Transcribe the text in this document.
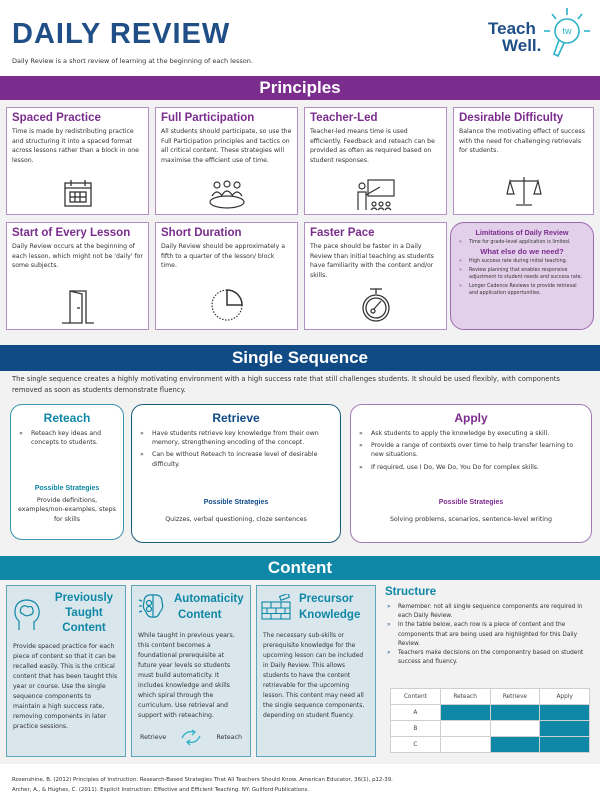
DAILY REVIEW
Daily Review is a short review of learning at the beginning of each lesson.
Teach
Well.
tw
Principles
Spaced Practice

Time is made by redistributing practice and structuring it into a spaced format across lessons rather than a block in one lesson.

Full Participation

All students should participate, so use the Full Participation principles and tactics on all critical content. These strategies will maximise the efficient use of time.

Teacher-Led

Teacher-led means time is used efficiently. Feedback and reteach can be provided as often as required based on student responses.

Desirable Difficulty

Balance the motivating effect of success with the need for challenging retrievals for students.

Start of Every Lesson

Daily Review occurs at the beginning of each lesson, which might not be 'daily' for some subjects.

Short Duration

Daily Review should be approximately a fifth to a quarter of the lesson/ block time.

Faster Pace

The pace should be faster in a Daily Review than initial teaching as students have familiarity with the content and/or skills.

Limitations of Daily Review
» Time for grade-level application is limited.
What else do we need?
» High success rate during initial teaching.
» Review planning that enables responsive adjustment to student needs and success rate.
» Longer Cadence Reviews to provide retrieval and application opportunities.
Single Sequence
The single sequence creates a highly motivating environment with a high success rate that still challenges students. It should be used flexibly, with components removed as soon as students demonstrate fluency.
Reteach
» Reteach key ideas and concepts to students.
Possible Strategies
Provide definitions, examples/non-examples, steps for skills
Retrieve
» Have students retrieve key knowledge from their own memory, strengthening encoding of the concept.
» Can be without Reteach to increase level of desirable difficulty.
Possible Strategies
Quizzes, verbal questioning, cloze sentences
Apply
» Ask students to apply the knowledge by executing a skill.
» Provide a range of contexts over time to help transfer learning to new situations.
» If required, use I Do, We Do, You Do for complex skills.
Possible Strategies
Solving problems, scenarios, sentence-level writing
Content
Previously
Taught
Content

Provide spaced practice for each piece of content so that it can be recalled easily. This is the critical content that has been taught this year or course. Use the single sequence components to maintain a high success rate, removing components in later practice sessions.

Automaticity
Content

While taught in previous years, this content becomes a foundational prerequisite at future year levels so students must build automaticity. It includes knowledge and skills which spiral through the curriculum. Use retrieval and support with reteaching.

Retrieve	Reteach
Precursor
Knowledge

The necessary sub-skills or prerequisite knowledge for the upcoming lesson can be included in Daily Review. This allows students to have the content retrievable for the upcoming lesson. This content may need all the single sequence components, depending on student fluency.

Structure
» Remember: not all single sequence components are required in each Daily Review.
» In the table below, each row is a piece of content and the components that are being used are highlighted for this Daily Review.
» Teachers make decisions on the componentry based on student success and fluency.
Content	Reteach	Retrieve	Apply
A			
B			
C			
Rosenshine, B. (2012) Principles of Instruction: Research-Based Strategies That All Teachers Should Know. American Educator, 36(1), p12-39.
Archer, A., & Hughes, C. (2011). Explicit Instruction: Effective and Efficient Teaching. NY: Guilford Publications.
